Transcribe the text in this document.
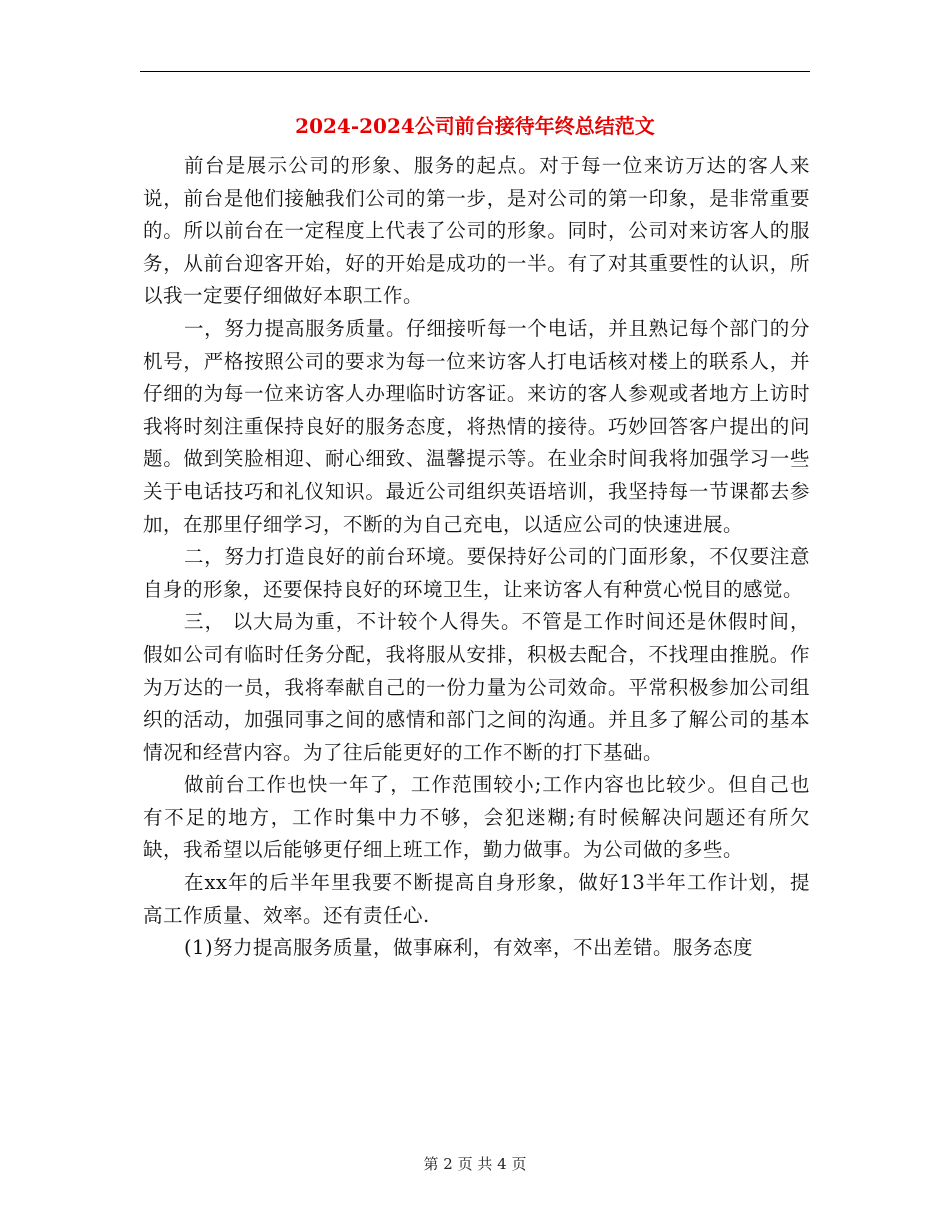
2024-2024公司前台接待年终总结范文

前台是展示公司的形象、服务的起点。对于每一位来访万达的客人来说，前台是他们接触我们公司的第一步，是对公司的第一印象，是非常重要的。所以前台在一定程度上代表了公司的形象。同时，公司对来访客人的服务，从前台迎客开始，好的开始是成功的一半。有了对其重要性的认识，所以我一定要仔细做好本职工作。

一，努力提高服务质量。仔细接听每一个电话，并且熟记每个部门的分机号，严格按照公司的要求为每一位来访客人打电话核对楼上的联系人，并仔细的为每一位来访客人办理临时访客证。来访的客人参观或者地方上访时我将时刻注重保持良好的服务态度，将热情的接待。巧妙回答客户提出的问题。做到笑脸相迎、耐心细致、温馨提示等。在业余时间我将加强学习一些关于电话技巧和礼仪知识。最近公司组织英语培训，我坚持每一节课都去参加，在那里仔细学习，不断的为自己充电，以适应公司的快速进展。

二，努力打造良好的前台环境。要保持好公司的门面形象，不仅要注意自身的形象，还要保持良好的环境卫生，让来访客人有种赏心悦目的感觉。

三， 以大局为重，不计较个人得失。不管是工作时间还是休假时间，假如公司有临时任务分配，我将服从安排，积极去配合，不找理由推脱。作为万达的一员，我将奉献自己的一份力量为公司效命。平常积极参加公司组织的活动，加强同事之间的感情和部门之间的沟通。并且多了解公司的基本情况和经营内容。为了往后能更好的工作不断的打下基础。

做前台工作也快一年了，工作范围较小;工作内容也比较少。但自己也有不足的地方，工作时集中力不够，会犯迷糊;有时候解决问题还有所欠缺，我希望以后能够更仔细上班工作，勤力做事。为公司做的多些。

在xx年的后半年里我要不断提高自身形象，做好13半年工作计划，提高工作质量、效率。还有责任心.

(1)努力提高服务质量，做事麻利，有效率，不出差错。服务态度

第 2 页 共 4 页
